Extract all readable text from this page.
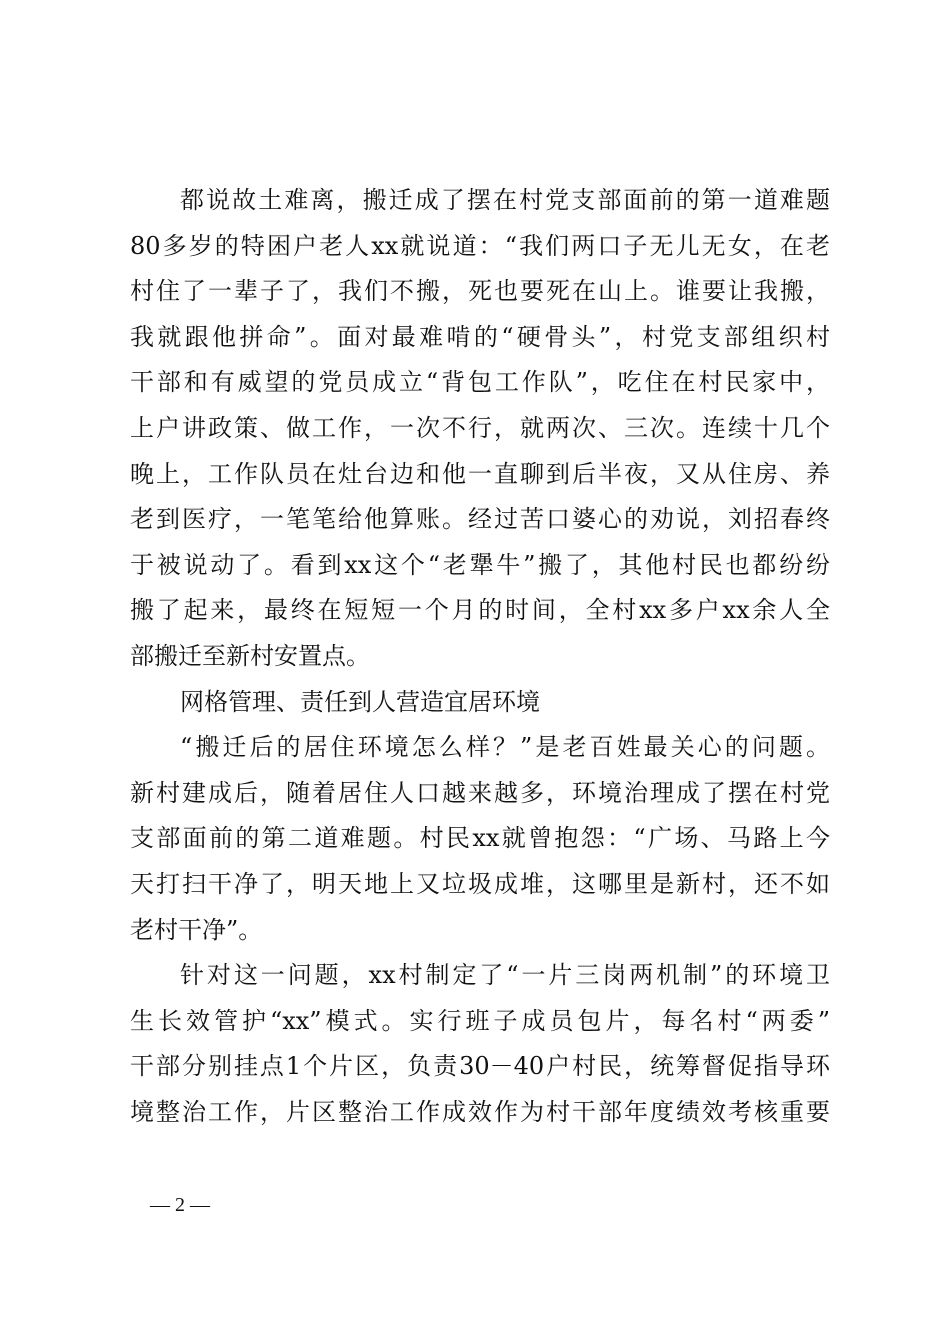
都说故土难离，搬迁成了摆在村党支部面前的第一道难题
80多岁的特困户老人xx就说道：“我们两口子无儿无女，在老
村住了一辈子了，我们不搬，死也要死在山上。谁要让我搬，
我就跟他拼命”。面对最难啃的“硬骨头”，村党支部组织村
干部和有威望的党员成立“背包工作队”，吃住在村民家中，
上户讲政策、做工作，一次不行，就两次、三次。连续十几个
晚上，工作队员在灶台边和他一直聊到后半夜，又从住房、养
老到医疗，一笔笔给他算账。经过苦口婆心的劝说，刘招春终
于被说动了。看到xx这个“老犟牛”搬了，其他村民也都纷纷
搬了起来，最终在短短一个月的时间，全村xx多户xx余人全
部搬迁至新村安置点。
网格管理、责任到人营造宜居环境
“搬迁后的居住环境怎么样？”是老百姓最关心的问题。
新村建成后，随着居住人口越来越多，环境治理成了摆在村党
支部面前的第二道难题。村民xx就曾抱怨：“广场、马路上今
天打扫干净了，明天地上又垃圾成堆，这哪里是新村，还不如
老村干净”。
针对这一问题，xx村制定了“一片三岗两机制”的环境卫
生长效管护“xx”模式。实行班子成员包片，每名村“两委”
干部分别挂点1个片区，负责30－40户村民，统筹督促指导环
境整治工作，片区整治工作成效作为村干部年度绩效考核重要
— 2 —
